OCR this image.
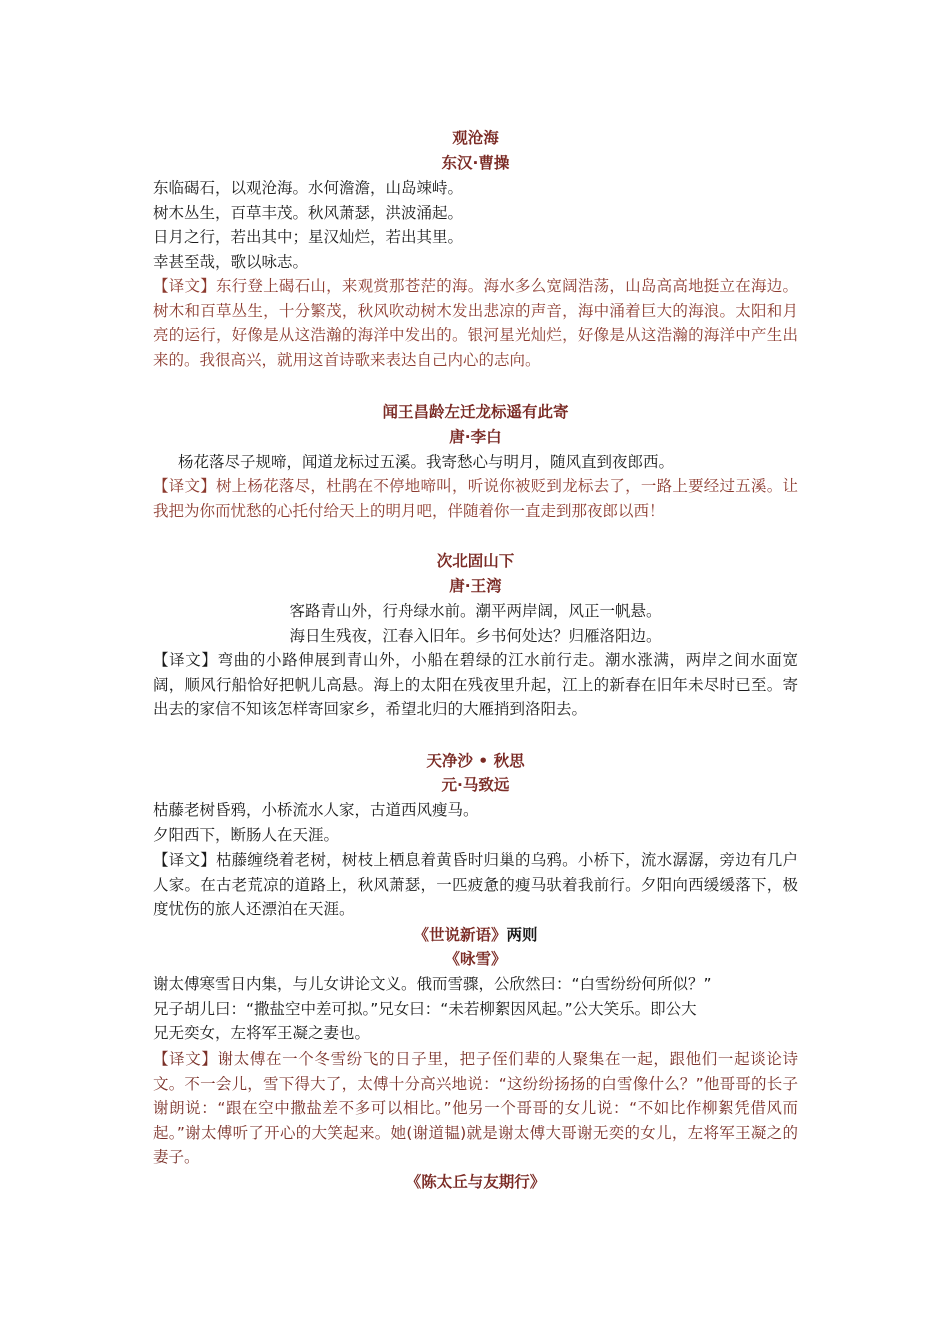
观沧海
东汉·曹操
东临碣石，以观沧海。水何澹澹，山岛竦峙。
树木丛生，百草丰茂。秋风萧瑟，洪波涌起。
日月之行，若出其中；星汉灿烂，若出其里。
幸甚至哉，歌以咏志。
【译文】东行登上碣石山，来观赏那苍茫的海。海水多么宽阔浩荡，山岛高高地挺立在海边。树木和百草丛生，十分繁茂，秋风吹动树木发出悲凉的声音，海中涌着巨大的海浪。太阳和月亮的运行，好像是从这浩瀚的海洋中发出的。银河星光灿烂，好像是从这浩瀚的海洋中产生出来的。我很高兴，就用这首诗歌来表达自己内心的志向。
闻王昌龄左迁龙标遥有此寄
唐·李白
杨花落尽子规啼，闻道龙标过五溪。我寄愁心与明月，随风直到夜郎西。
【译文】树上杨花落尽，杜鹃在不停地啼叫，听说你被贬到龙标去了，一路上要经过五溪。让我把为你而忧愁的心托付给天上的明月吧，伴随着你一直走到那夜郎以西！
次北固山下
唐·王湾
客路青山外，行舟绿水前。潮平两岸阔，风正一帆悬。
海日生残夜，江春入旧年。乡书何处达？归雁洛阳边。
【译文】弯曲的小路伸展到青山外，小船在碧绿的江水前行走。潮水涨满，两岸之间水面宽阔，顺风行船恰好把帆儿高悬。海上的太阳在残夜里升起，江上的新春在旧年未尽时已至。寄出去的家信不知该怎样寄回家乡，希望北归的大雁捎到洛阳去。
天净沙 • 秋思
元·马致远
枯藤老树昏鸦，小桥流水人家，古道西风瘦马。
夕阳西下，断肠人在天涯。
【译文】枯藤缠绕着老树，树枝上栖息着黄昏时归巢的乌鸦。小桥下，流水潺潺，旁边有几户人家。在古老荒凉的道路上，秋风萧瑟，一匹疲惫的瘦马驮着我前行。夕阳向西缓缓落下，极度忧伤的旅人还漂泊在天涯。
《世说新语》两则
《咏雪》
谢太傅寒雪日内集，与儿女讲论文义。俄而雪骤，公欣然曰：“白雪纷纷何所似？”
兄子胡儿曰：“撒盐空中差可拟。”兄女曰：“未若柳絮因风起。”公大笑乐。即公大
兄无奕女，左将军王凝之妻也。
【译文】谢太傅在一个冬雪纷飞的日子里，把子侄们辈的人聚集在一起，跟他们一起谈论诗文。不一会儿，雪下得大了，太傅十分高兴地说：“这纷纷扬扬的白雪像什么？”他哥哥的长子谢朗说：“跟在空中撒盐差不多可以相比。”他另一个哥哥的女儿说：“不如比作柳絮凭借风而起。”谢太傅听了开心的大笑起来。她(谢道韫)就是谢太傅大哥谢无奕的女儿，左将军王凝之的妻子。
《陈太丘与友期行》
